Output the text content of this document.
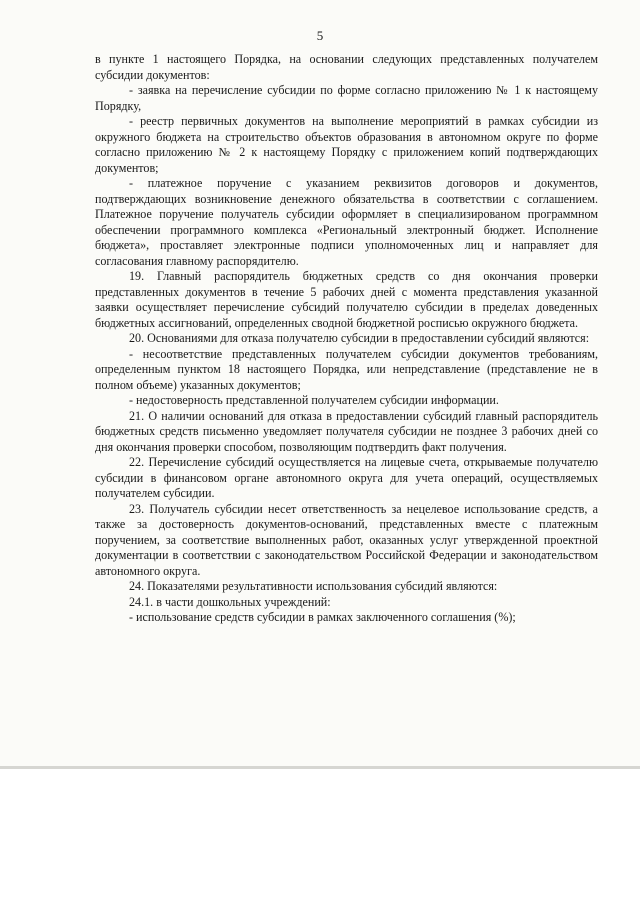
5

в пункте 1 настоящего Порядка, на основании следующих представленных получателем субсидии документов:

- заявка на перечисление субсидии по форме согласно приложению № 1 к настоящему Порядку,

- реестр первичных документов на выполнение мероприятий в рамках субсидии из окружного бюджета на строительство объектов образования в автономном округе по форме согласно приложению № 2 к настоящему Порядку с приложением копий подтверждающих документов;

- платежное поручение с указанием реквизитов договоров и документов, подтверждающих возникновение денежного обязательства в соответствии с соглашением. Платежное поручение получатель субсидии оформляет в специализированом программном обеспечении программного комплекса «Региональный электронный бюджет. Исполнение бюджета», проставляет электронные подписи уполномоченных лиц и направляет для согласования главному распорядителю.

19. Главный распорядитель бюджетных средств со дня окончания проверки представленных документов в течение 5 рабочих дней с момента представления указанной заявки осуществляет перечисление субсидий получателю субсидии в пределах доведенных бюджетных ассигнований, определенных сводной бюджетной росписью окружного бюджета.

20. Основаниями для отказа получателю субсидии в предоставлении субсидий являются:

- несоответствие представленных получателем субсидии документов требованиям, определенным пунктом 18 настоящего Порядка, или непредставление (представление не в полном объеме) указанных документов;

- недостоверность представленной получателем субсидии информации.

21. О наличии оснований для отказа в предоставлении субсидий главный распорядитель бюджетных средств письменно уведомляет получателя субсидии не позднее 3 рабочих дней со дня окончания проверки способом, позволяющим подтвердить факт получения.

22. Перечисление субсидий осуществляется на лицевые счета, открываемые получателю субсидии в финансовом органе автономного округа для учета операций, осуществляемых получателем субсидии.

23. Получатель субсидии несет ответственность за нецелевое использование средств, а также за достоверность документов-оснований, представленных вместе с платежным поручением, за соответствие выполненных работ, оказанных услуг утвержденной проектной документации в соответствии с законодательством Российской Федерации и законодательством автономного округа.

24. Показателями результативности использования субсидий являются:

24.1. в части дошкольных учреждений:

- использование средств субсидии в рамках заключенного соглашения (%);
